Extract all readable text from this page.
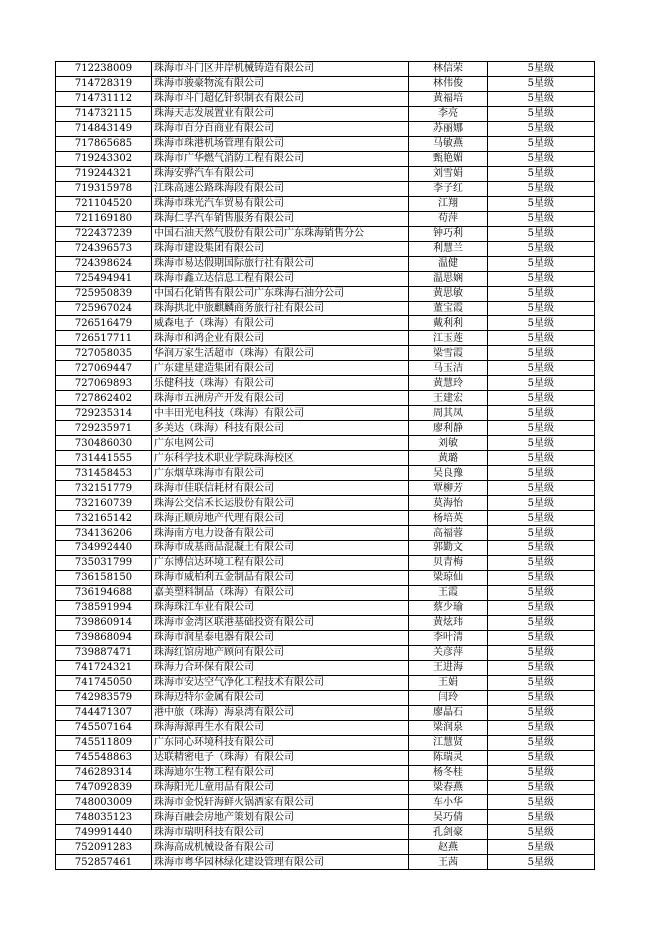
712238009	珠海市斗门区井岸机械铸造有限公司	林信荣	5星级
714728319	珠海市骏豪物流有限公司	林伟俊	5星级
714731112	珠海市斗门超亿针织制衣有限公司	黄福培	5星级
714732115	珠海天志发展置业有限公司	李亮	5星级
714843149	珠海市百分百商业有限公司	苏丽娜	5星级
717865685	珠海市珠港机场管理有限公司	马敏燕	5星级
719243302	珠海市广华燃气消防工程有限公司	甄艳媚	5星级
719244321	珠海安骅汽车有限公司	刘雪娟	5星级
719315978	江珠高速公路珠海段有限公司	李子红	5星级
721104520	珠海市珠光汽车贸易有限公司	江翔	5星级
721169180	珠海仁孚汽车销售服务有限公司	苟萍	5星级
722437239	中国石油天然气股份有限公司广东珠海销售分公	钟巧利	5星级
724396573	珠海市建设集团有限公司	利慧兰	5星级
724398624	珠海市易达假期国际旅行社有限公司	温健	5星级
725494941	珠海市鑫立达信息工程有限公司	温思娴	5星级
725950839	中国石化销售有限公司广东珠海石油分公司	黄思敏	5星级
725967024	珠海拱北中旅麒麟商务旅行社有限公司	董宝霞	5星级
726516479	威森电子（珠海）有限公司	戴利利	5星级
726517711	珠海市和鸿企业有限公司	江玉莲	5星级
727058035	华润万家生活超市（珠海）有限公司	梁雪霞	5星级
727069447	广东建星建造集团有限公司	马玉洁	5星级
727069893	乐健科技（珠海）有限公司	黄慧玲	5星级
727862402	珠海市五洲房产开发有限公司	王建宏	5星级
729235314	中丰田光电科技（珠海）有限公司	周其凤	5星级
729235971	多美达（珠海）科技有限公司	廖利静	5星级
730486030	广东电网公司	刘敏	5星级
731441555	广东科学技术职业学院珠海校区	黄璐	5星级
731458453	广东烟草珠海市有限公司	吴良豫	5星级
732151779	珠海市佳联信耗材有限公司	覃柳芳	5星级
732160739	珠海公交信禾长运股份有限公司	莫海怡	5星级
732165142	珠海正顺房地产代理有限公司	杨培英	5星级
734136206	珠海南方电力设备有限公司	高福蓉	5星级
734992440	珠海市成基商品混凝土有限公司	郭勤文	5星级
735031799	广东博信达环境工程有限公司	贝青梅	5星级
736158150	珠海市威柏利五金制品有限公司	梁琼仙	5星级
736194688	嘉美塑料制品（珠海）有限公司	王霞	5星级
738591994	珠海珠江车业有限公司	蔡少瑜	5星级
739860914	珠海市金湾区联港基础投资有限公司	黄炫玮	5星级
739868094	珠海市润星泰电器有限公司	李叶清	5星级
739887471	珠海红馆房地产顾问有限公司	关彦萍	5星级
741724321	珠海力合环保有限公司	王进海	5星级
741745050	珠海市安达空气净化工程技术有限公司	王娟	5星级
742983579	珠海迈特尔金属有限公司	闫玲	5星级
744471307	港中旅（珠海）海泉湾有限公司	廖晶石	5星级
745507164	珠海海源再生水有限公司	梁润泉	5星级
745511809	广东同心环境科技有限公司	江慧贤	5星级
745548863	达联精密电子（珠海）有限公司	陈瑞灵	5星级
746289314	珠海迪尔生物工程有限公司	杨冬桂	5星级
747092839	珠海阳光儿童用品有限公司	梁春燕	5星级
748003009	珠海市金悦轩海鲜火锅酒家有限公司	车小华	5星级
748035123	珠海百融会房地产策划有限公司	吴巧倩	5星级
749991440	珠海市瑞明科技有限公司	孔剑豪	5星级
752091283	珠海高成机械设备有限公司	赵燕	5星级
752857461	珠海市粤华园林绿化建设管理有限公司	王茜	5星级
